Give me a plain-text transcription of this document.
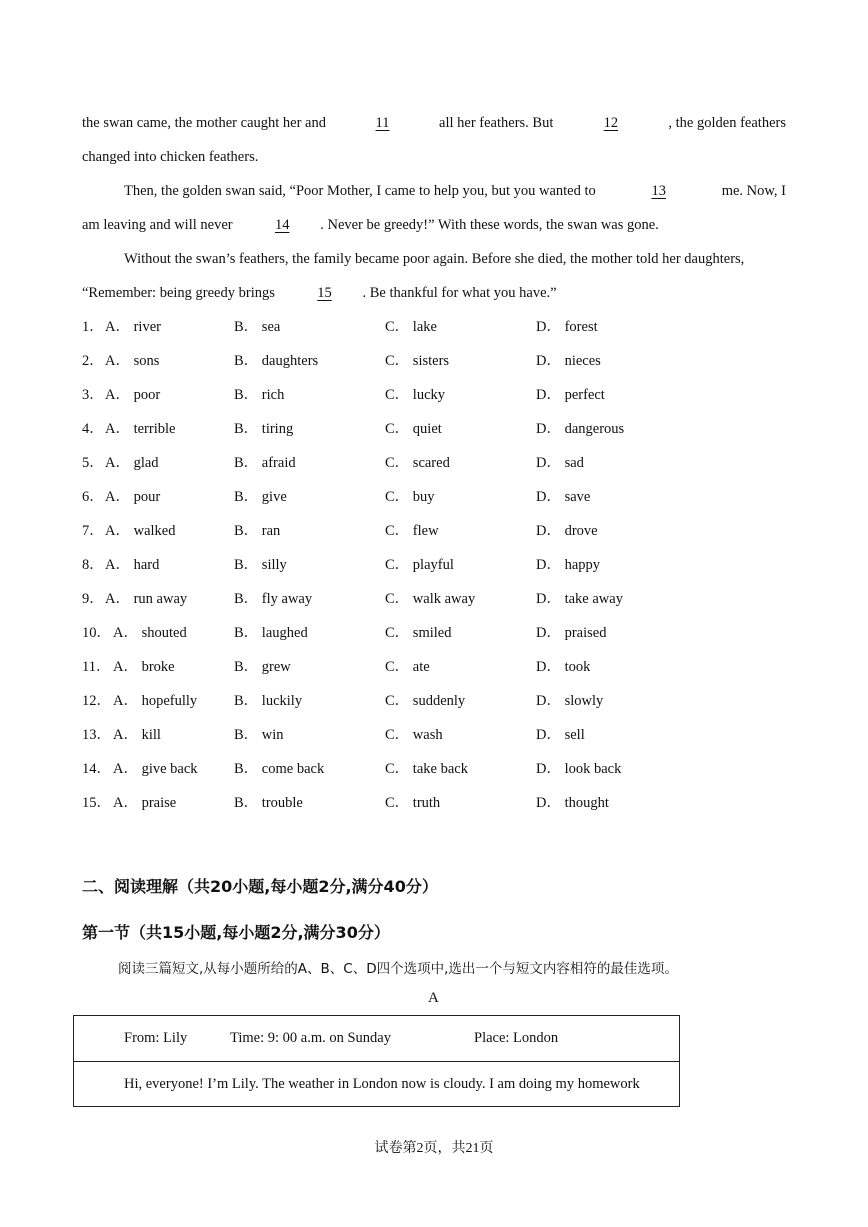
the swan came, the mother caught her and	11	all her feathers. But	12	, the golden feathers
changed into chicken feathers.
Then, the golden swan said, “Poor Mother, I came to help you, but you wanted to	13	me. Now, I
am leaving and will never	14 . Never be greedy!” With these words, the swan was gone.
Without the swan’s feathers, the family became poor again. Before she died, the mother told her daughters,
“Remember: being greedy brings	15 . Be thankful for what you have.”
1． A． river	B． sea	C． lake	D． forest
2． A． sons	B． daughters	C． sisters	D． nieces
3． A． poor	B． rich	C． lucky	D． perfect
4． A． terrible	B． tiring	C． quiet	D． dangerous
5． A． glad	B． afraid	C． scared	D． sad
6． A． pour	B． give	C． buy	D． save
7． A． walked	B． ran	C． flew	D． drove
8． A． hard	B． silly	C． playful	D． happy
9． A． run away	B． fly away	C． walk away	D． take away
10． A． shouted	B． laughed	C． smiled	D． praised
11． A． broke	B． grew	C． ate	D． took
12． A． hopefully	B． luckily	C． suddenly	D． slowly
13． A． kill	B． win	C． wash	D． sell
14． A． give back	B． come back	C． take back	D． look back
15． A． praise	B． trouble	C． truth	D． thought
二、阅读理解（共20小题,每小题2分,满分40分）
第一节（共15小题,每小题2分,满分30分）
阅读三篇短文,从每小题所给的A、B、C、D四个选项中,选出一个与短文内容相符的最佳选项。
A
From: Lily	Time: 9: 00 a.m. on Sunday	Place: London
Hi, everyone! I’m Lily. The weather in London now is cloudy. I am doing my homework
试卷第2页，共21页
